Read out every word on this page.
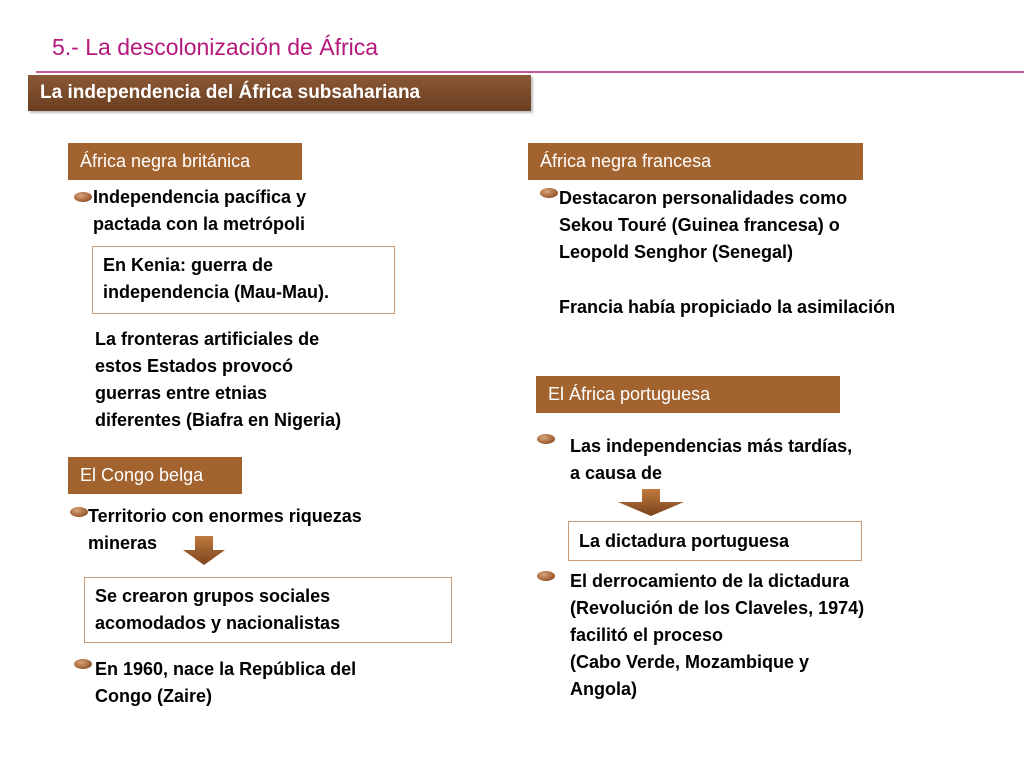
5.- La descolonización de África
La independencia del África subsahariana
África negra británica
Independencia pacífica y
pactada con la metrópoli
En Kenia: guerra de
independencia (Mau-Mau).
La fronteras artificiales de
estos Estados provocó
guerras entre etnias
diferentes (Biafra en Nigeria)
El Congo belga
Territorio con enormes riquezas
mineras
Se crearon grupos sociales
acomodados y nacionalistas
En 1960, nace la República del
Congo (Zaire)
África negra francesa
Destacaron personalidades como
Sekou Touré (Guinea francesa) o
Leopold Senghor (Senegal)
Francia había propiciado la asimilación
El África portuguesa
Las independencias más tardías,
a causa de
La dictadura portuguesa
El derrocamiento de la dictadura
(Revolución de los Claveles, 1974)
facilitó el proceso
(Cabo Verde, Mozambique y
Angola)
